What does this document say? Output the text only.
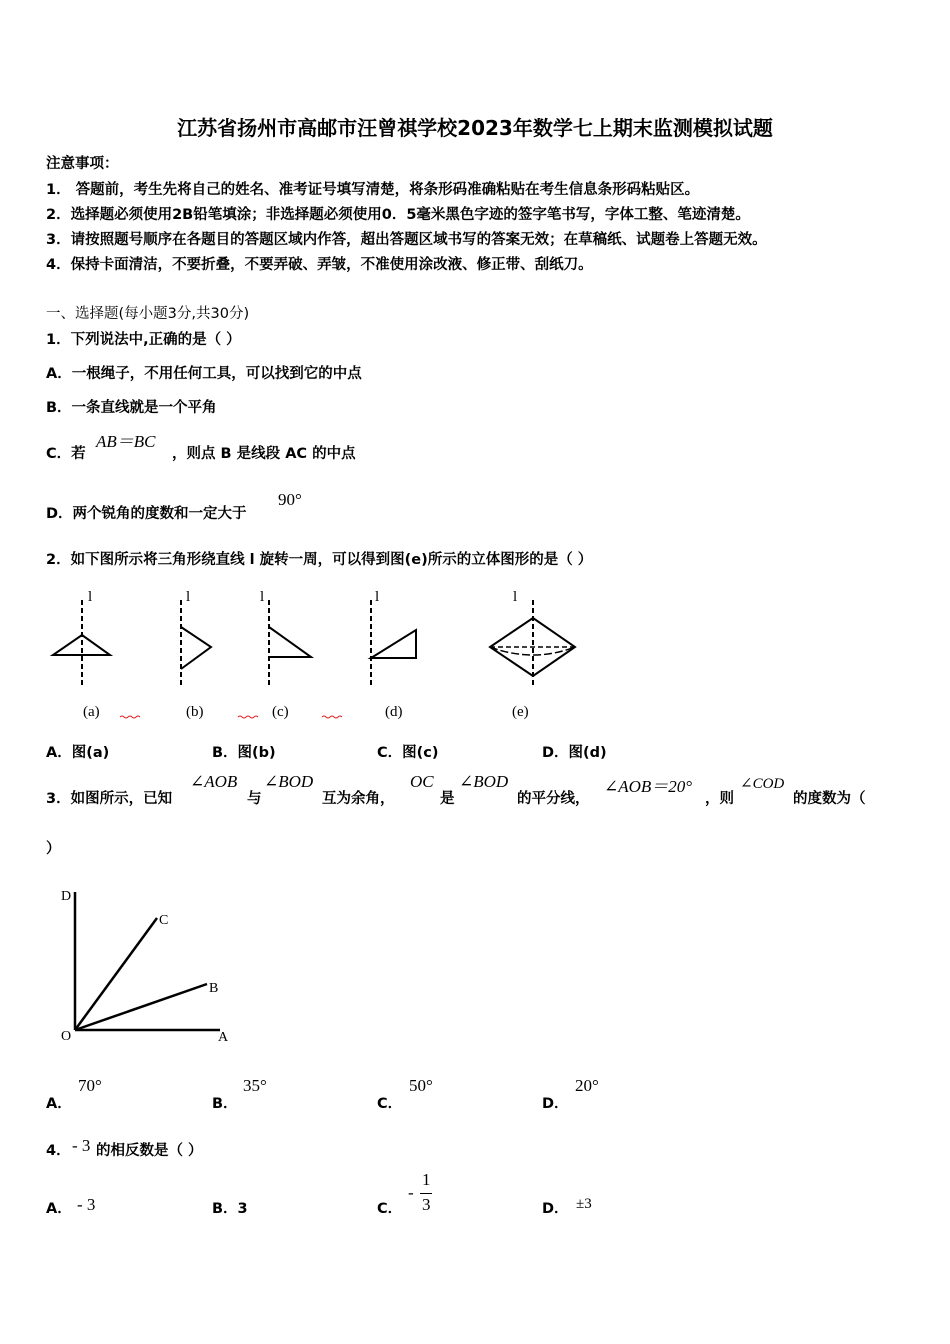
江苏省扬州市高邮市汪曾祺学校2023年数学七上期末监测模拟试题
注意事项：
1． 答题前，考生先将自己的姓名、准考证号填写清楚，将条形码准确粘贴在考生信息条形码粘贴区。
2．选择题必须使用2B铅笔填涂；非选择题必须使用0．5毫米黑色字迹的签字笔书写，字体工整、笔迹清楚。
3．请按照题号顺序在各题目的答题区域内作答，超出答题区域书写的答案无效；在草稿纸、试题卷上答题无效。
4．保持卡面清洁，不要折叠，不要弄破、弄皱，不准使用涂改液、修正带、刮纸刀。
一、选择题(每小题3分,共30分)
1．下列说法中,正确的是（ ）
A．一根绳子，不用任何工具，可以找到它的中点
B．一条直线就是一个平角
C．若
AB＝BC
，则点 B 是线段 AC 的中点
D．两个锐角的度数和一定大于
90°
2．如下图所示将三角形绕直线 l 旋转一周，可以得到图(e)所示的立体图形的是（ ）
l	l	l	l	l
(a)	(b)	(c)	(d)	(e)
A．图(a)	B．图(b)	C．图(c)	D．图(d)
3．如图所示，已知
∠AOB
与
∠BOD
互为余角，
OC
是
∠BOD
的平分线，
∠AOB＝20°
，则
∠COD
的度数为（
）
D
C
B
O	A
A．
70°
B．
35°
C．
50°
D．
20°
4． - 3 的相反数是（ ）
A． - 3	B．3	C．
-
1
3	D． ±3
